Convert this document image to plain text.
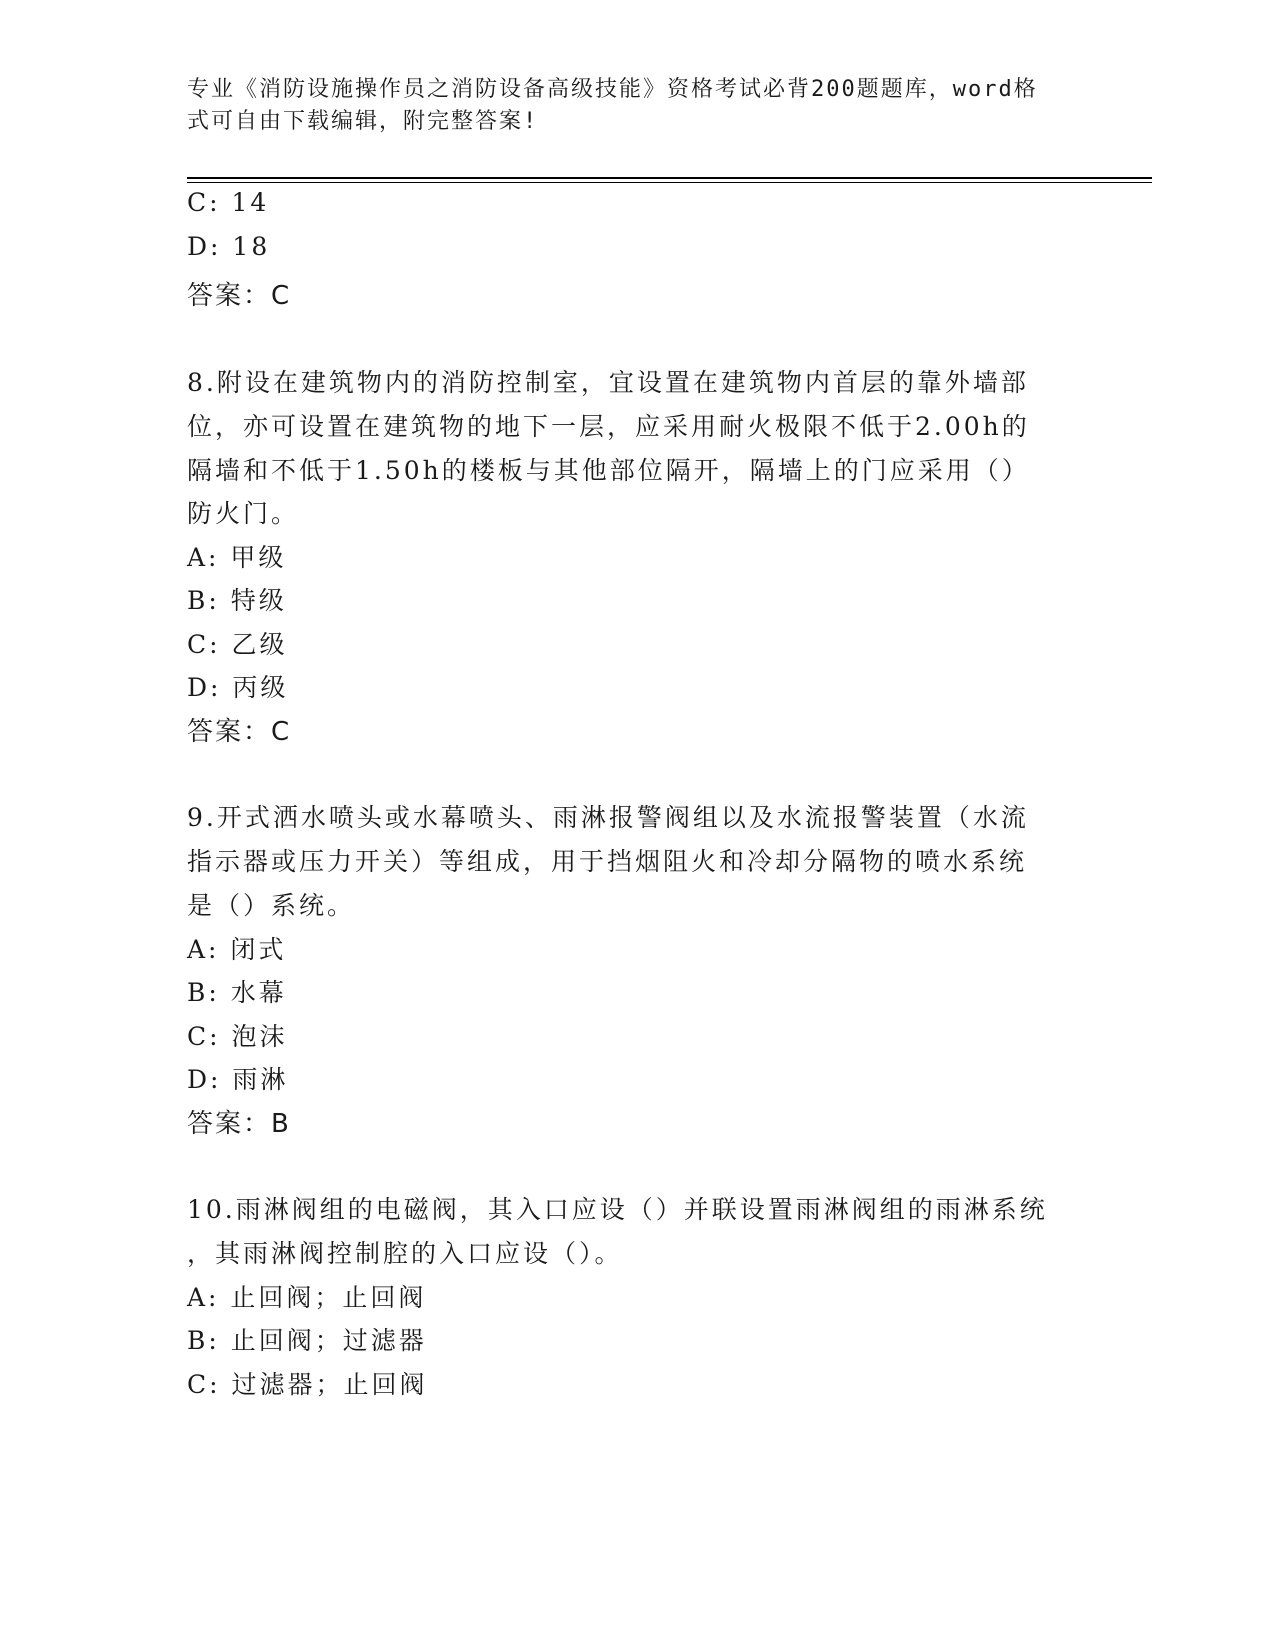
专业《消防设施操作员之消防设备高级技能》资格考试必背200题题库，word格
式可自由下载编辑，附完整答案!
C: 14
D: 18
答案：C
8.附设在建筑物内的消防控制室，宜设置在建筑物内首层的靠外墙部
位，亦可设置在建筑物的地下一层，应采用耐火极限不低于2.00h的
隔墙和不低于1.50h的楼板与其他部位隔开，隔墙上的门应采用（）
防火门。
A: 甲级
B: 特级
C: 乙级
D: 丙级
答案：C
9.开式洒水喷头或水幕喷头、雨淋报警阀组以及水流报警装置（水流
指示器或压力开关）等组成，用于挡烟阻火和冷却分隔物的喷水系统
是（）系统。
A: 闭式
B: 水幕
C: 泡沫
D: 雨淋
答案：B
10.雨淋阀组的电磁阀，其入口应设（）并联设置雨淋阀组的雨淋系统
，其雨淋阀控制腔的入口应设（）。
A: 止回阀；止回阀
B: 止回阀；过滤器
C: 过滤器；止回阀
